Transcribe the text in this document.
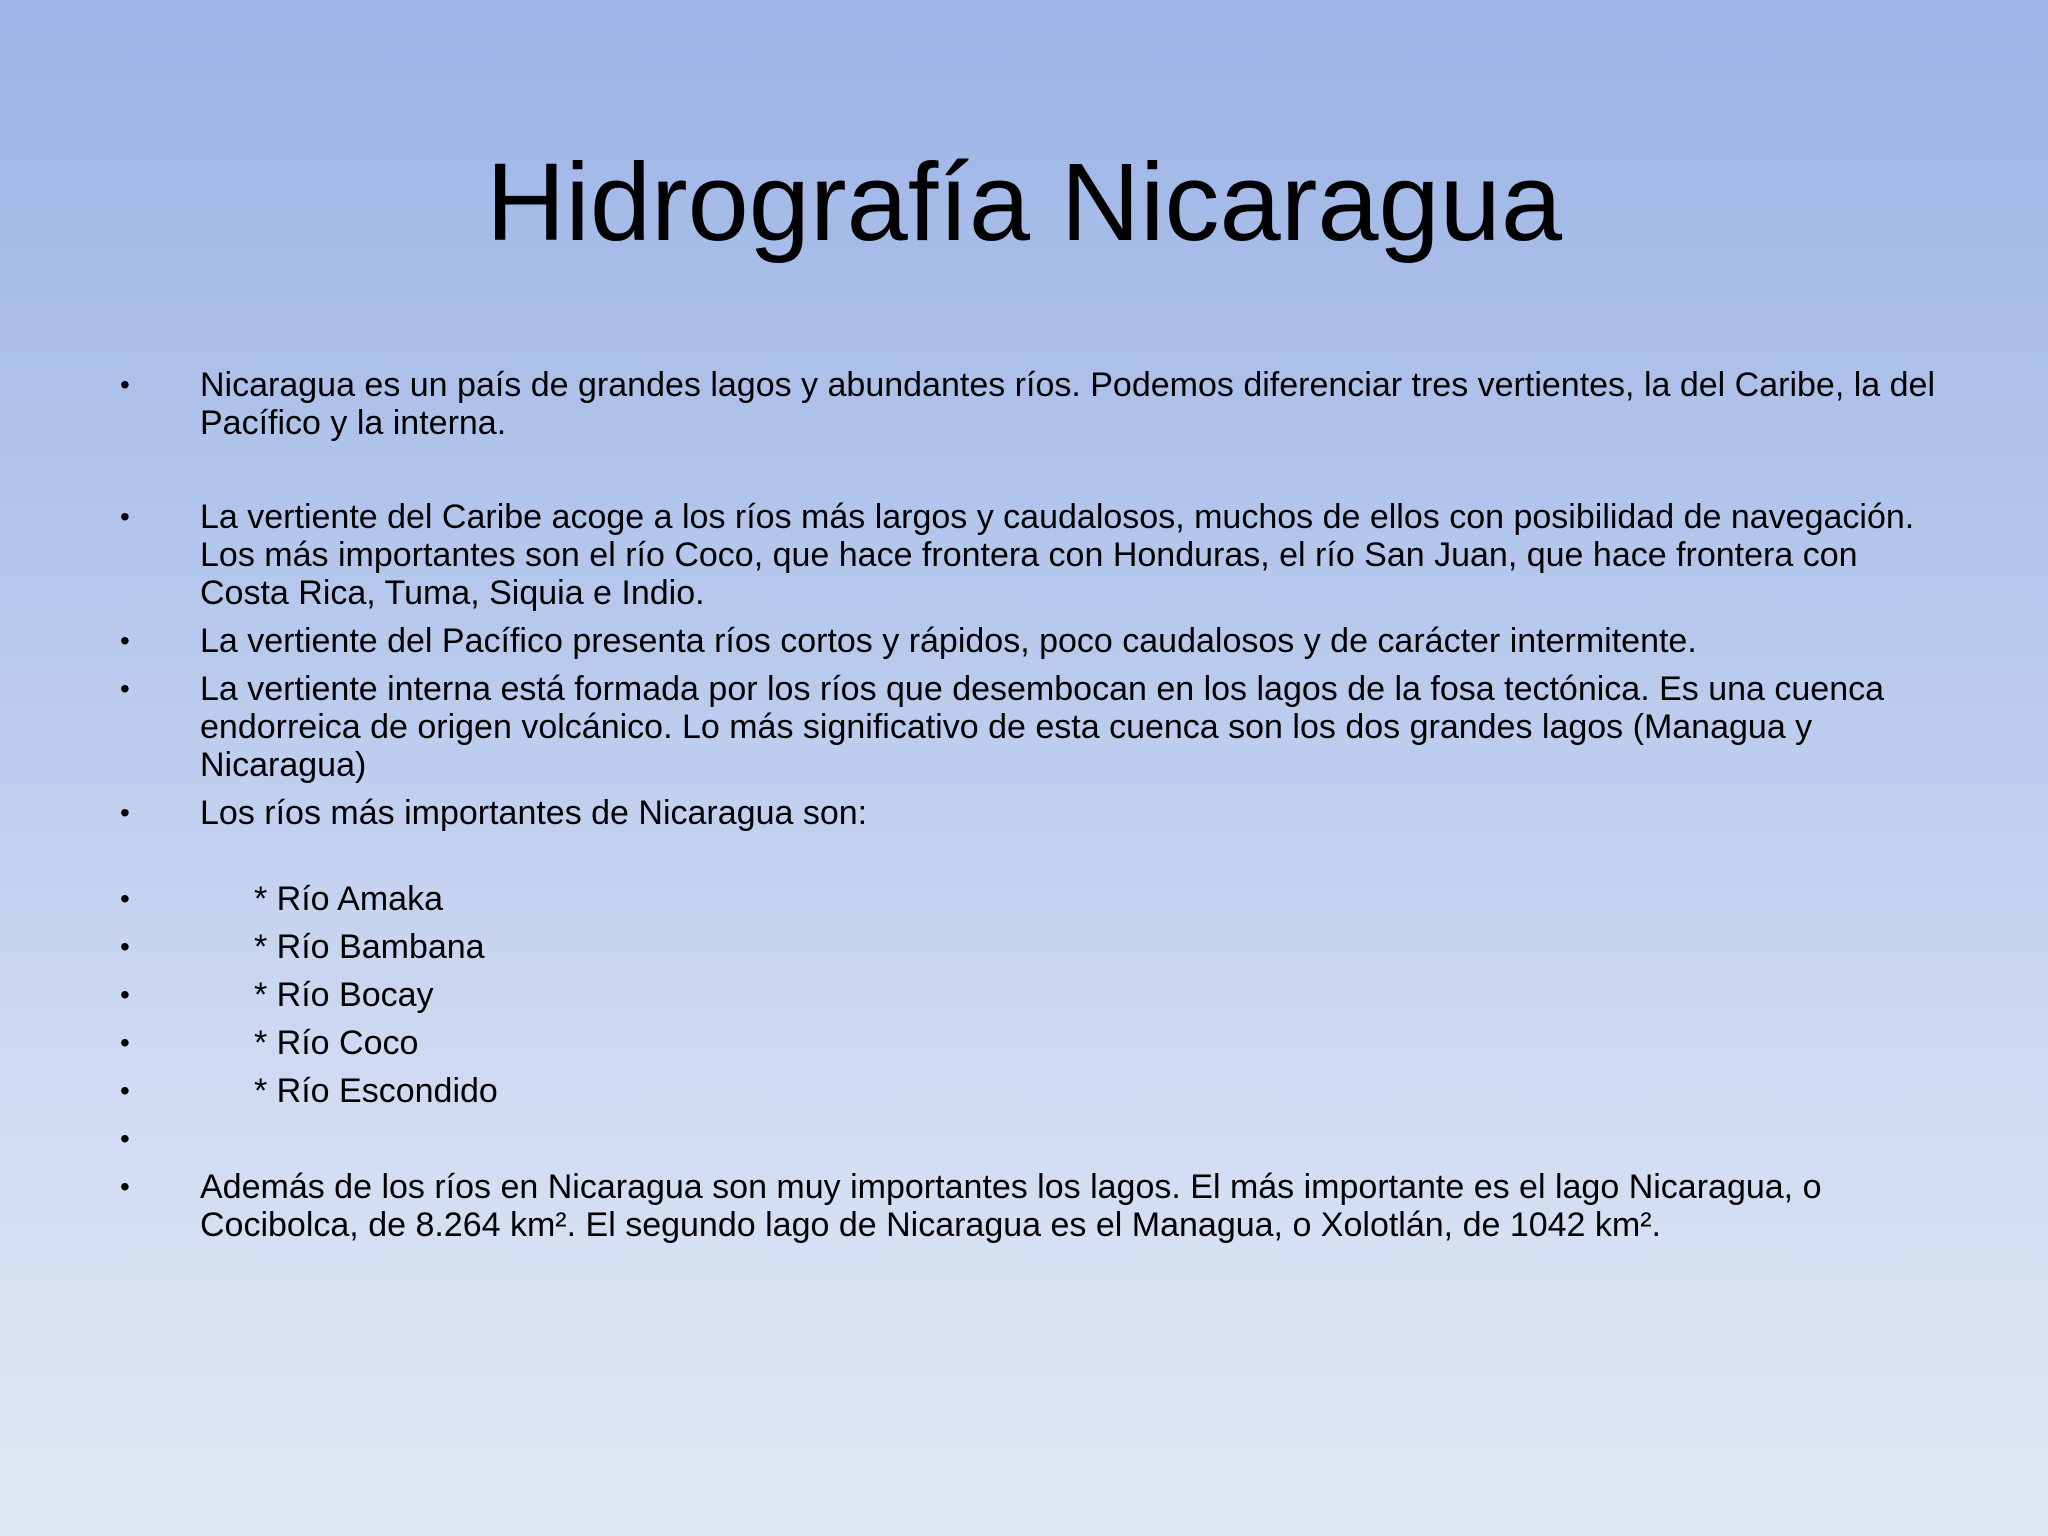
Hidrografía Nicaragua
• Nicaragua es un país de grandes lagos y abundantes ríos. Podemos diferenciar tres vertientes, la del Caribe, la del Pacífico y la interna.
• La vertiente del Caribe acoge a los ríos más largos y caudalosos, muchos de ellos con posibilidad de navegación. Los más importantes son el río Coco, que hace frontera con Honduras, el río San Juan, que hace frontera con Costa Rica, Tuma, Siquia e Indio.
• La vertiente del Pacífico presenta ríos cortos y rápidos, poco caudalosos y de carácter intermitente.
• La vertiente interna está formada por los ríos que desembocan en los lagos de la fosa tectónica. Es una cuenca endorreica de origen volcánico. Lo más significativo de esta cuenca son los dos grandes lagos (Managua y Nicaragua)
• Los ríos más importantes de Nicaragua son:
•	* Río Amaka
•	* Río Bambana
•	* Río Bocay
•	* Río Coco
•	* Río Escondido
•
• Además de los ríos en Nicaragua son muy importantes los lagos. El más importante es el lago Nicaragua, o Cocibolca, de 8.264 km². El segundo lago de Nicaragua es el Managua, o Xolotlán, de 1042 km².
